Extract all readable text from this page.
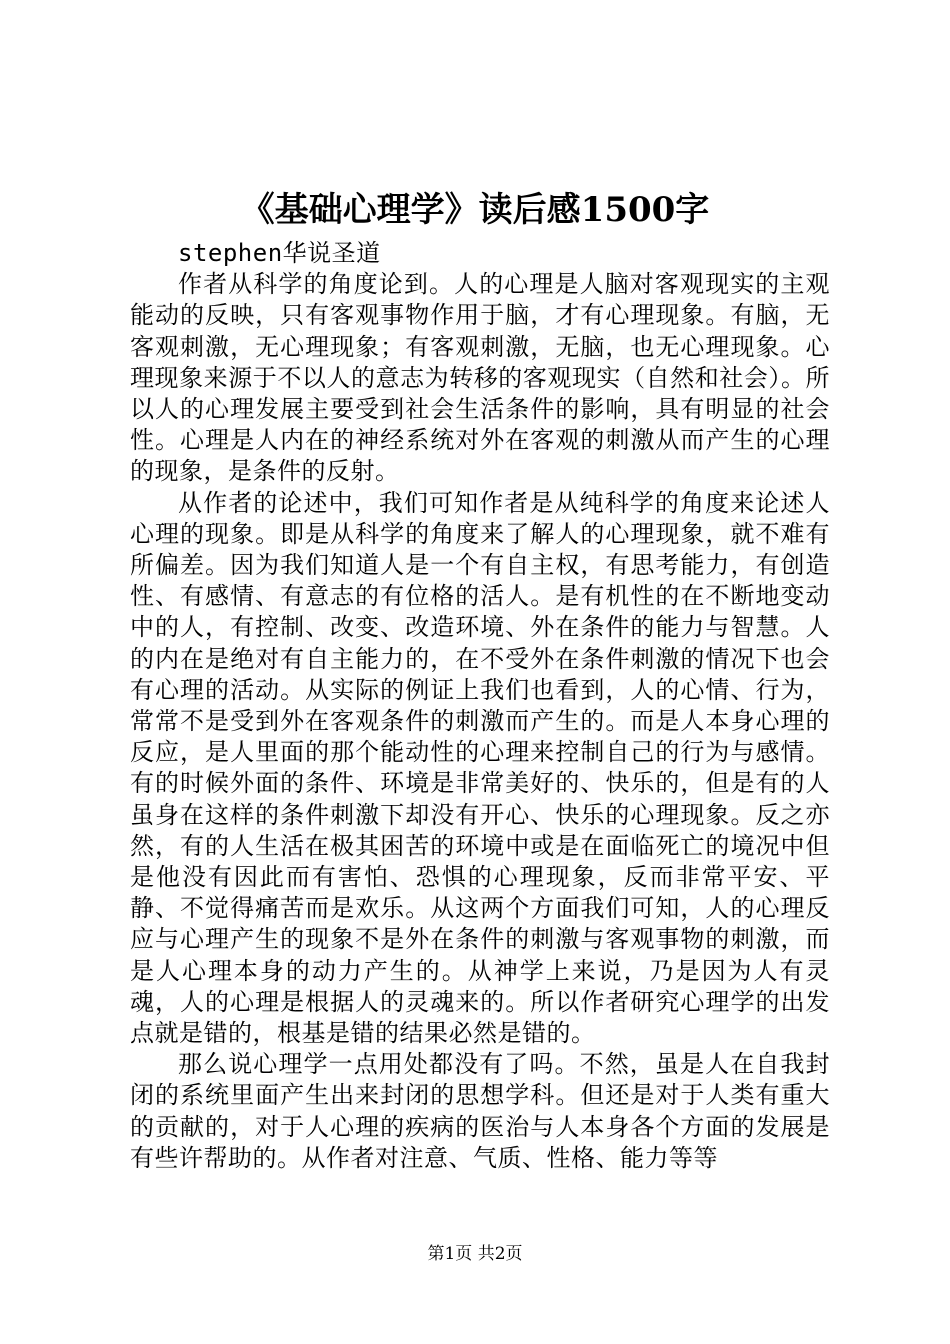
《基础心理学》读后感1500字

stephen华说圣道

作者从科学的角度论到。人的心理是人脑对客观现实的主观能动的反映，只有客观事物作用于脑，才有心理现象。有脑，无客观刺激，无心理现象；有客观刺激，无脑，也无心理现象。心理现象来源于不以人的意志为转移的客观现实（自然和社会）。所以人的心理发展主要受到社会生活条件的影响，具有明显的社会性。心理是人内在的神经系统对外在客观的刺激从而产生的心理的现象，是条件的反射。

从作者的论述中，我们可知作者是从纯科学的角度来论述人心理的现象。即是从科学的角度来了解人的心理现象，就不难有所偏差。因为我们知道人是一个有自主权，有思考能力，有创造性、有感情、有意志的有位格的活人。是有机性的在不断地变动中的人，有控制、改变、改造环境、外在条件的能力与智慧。人的内在是绝对有自主能力的，在不受外在条件刺激的情况下也会有心理的活动。从实际的例证上我们也看到，人的心情、行为，常常不是受到外在客观条件的刺激而产生的。而是人本身心理的反应，是人里面的那个能动性的心理来控制自己的行为与感情。有的时候外面的条件、环境是非常美好的、快乐的，但是有的人虽身在这样的条件刺激下却没有开心、快乐的心理现象。反之亦然，有的人生活在极其困苦的环境中或是在面临死亡的境况中但是他没有因此而有害怕、恐惧的心理现象，反而非常平安、平静、不觉得痛苦而是欢乐。从这两个方面我们可知，人的心理反应与心理产生的现象不是外在条件的刺激与客观事物的刺激，而是人心理本身的动力产生的。从神学上来说，乃是因为人有灵魂，人的心理是根据人的灵魂来的。所以作者研究心理学的出发点就是错的，根基是错的结果必然是错的。

那么说心理学一点用处都没有了吗。不然，虽是人在自我封闭的系统里面产生出来封闭的思想学科。但还是对于人类有重大的贡献的，对于人心理的疾病的医治与人本身各个方面的发展是有些许帮助的。从作者对注意、气质、性格、能力等等

第1页 共2页
